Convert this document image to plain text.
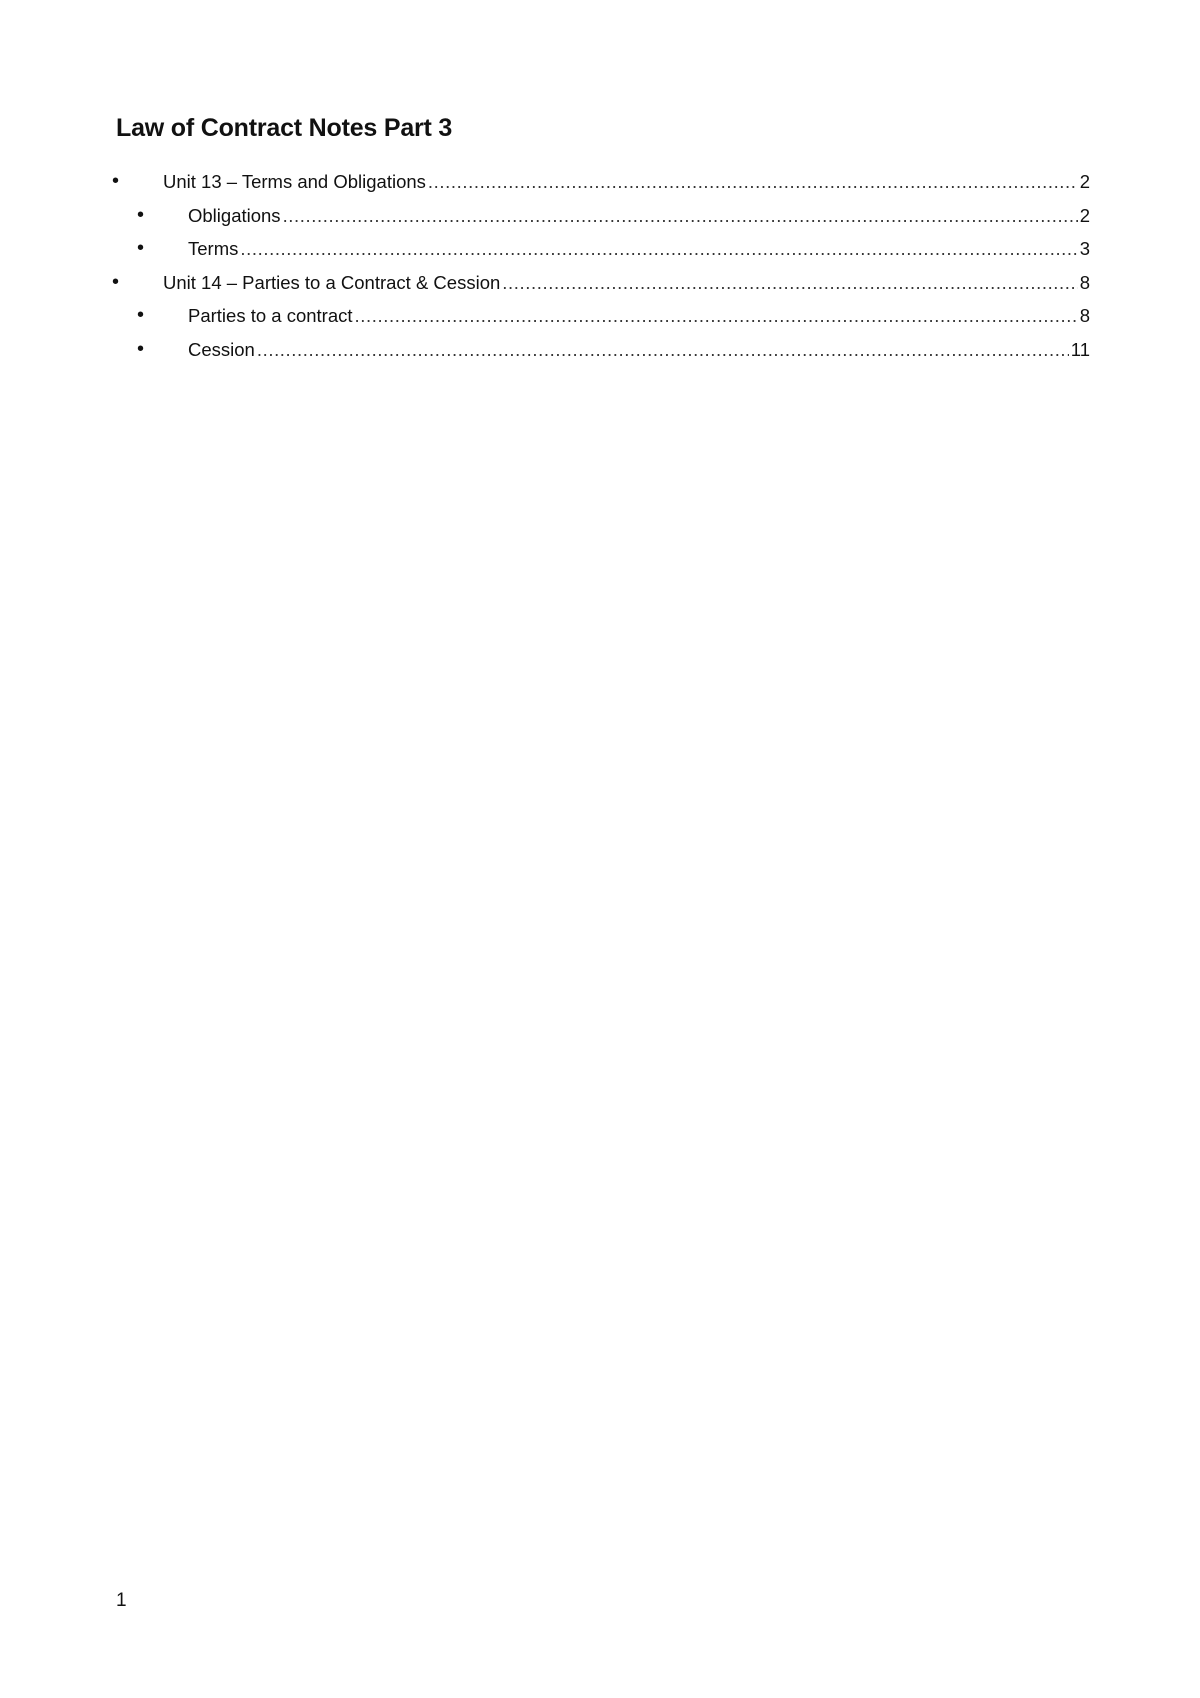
Law of Contract Notes Part 3
• Unit 13 – Terms and Obligations .....	2
• Obligations .....	2
• Terms .....	3
• Unit 14 – Parties to a Contract & Cession .....	8
• Parties to a contract .....	8
• Cession .....	11
1
